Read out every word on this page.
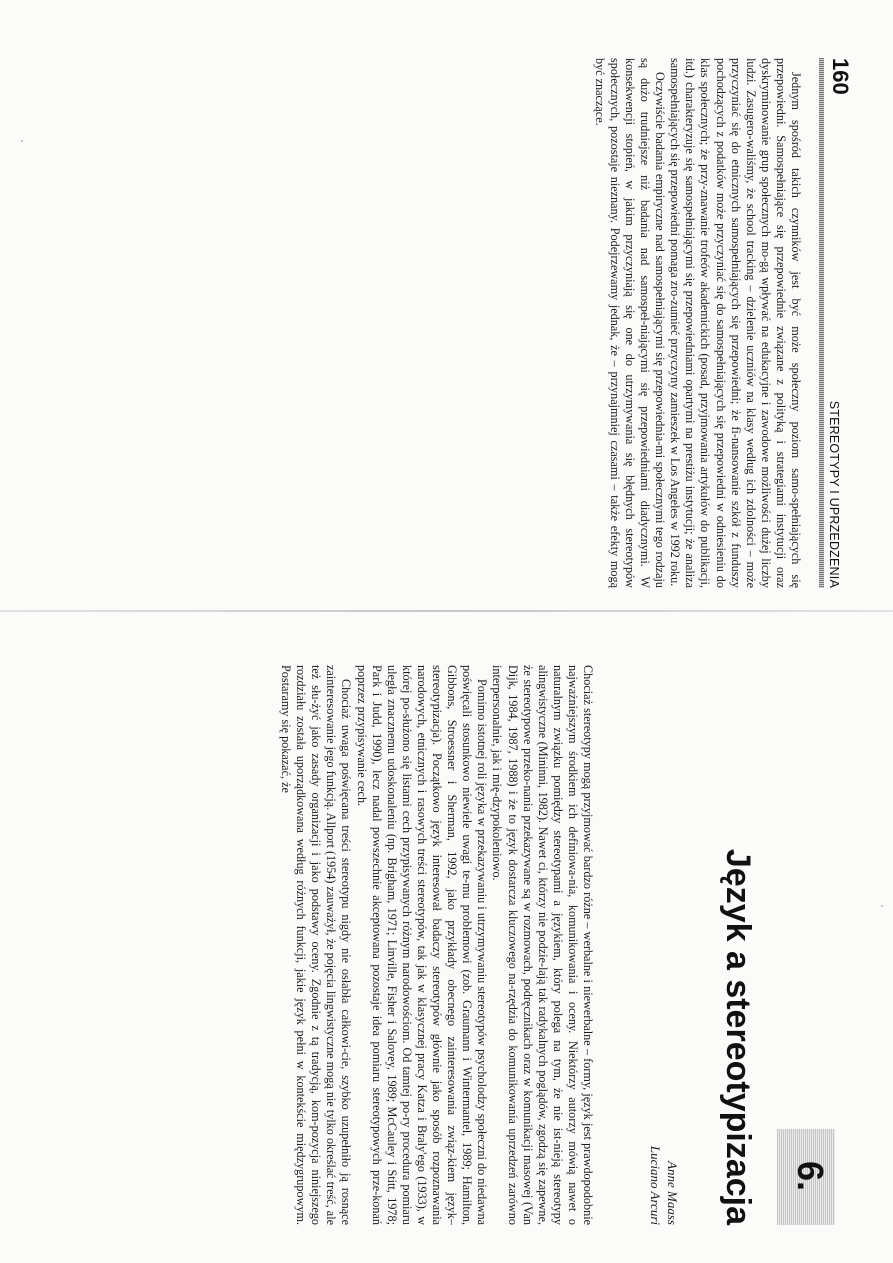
160
STEREOTYPY I UPRZEDZENIA

Jednym spośród takich czynników jest być może społeczny poziom samo-spełniających się przepowiedni. Samospełniające się przepowiednie związane z polityką i strategiami instytucji oraz dyskryminowanie grup społecznych mo-gą wpływać na edukacyjne i zawodowe możliwości dużej liczby ludzi. Zasugero-waliśmy, że school tracking – dzielenie uczniów na klasy według ich zdolności – może przyczyniać się do etnicznych samospełniających się przepowiedni; że fi-nansowanie szkół z funduszy pochodzących z podatków może przyczyniać się do samospełniających się przepowiedni w odniesieniu do klas społecznych; że przy-znawanie trofeów akademickich (posad, przyjmowania artykułów do publikacji, itd.) charakteryzuje się samospełniającymi się przepowiedniami opartymi na prestiżu instytucji; że analiza samospełniających się przepowiedni pomaga zro-zumieć przyczyny zamieszek w Los Angeles w 1992 roku.

Oczywiście badania empiryczne nad samospełniającymi się przepowiednia-mi społecznymi tego rodzaju są dużo trudniejsze niż badania nad samospeł-niającymi się przepowiedniami diadycznymi. W konsekwencji stopień, w jakim przyczyniają się one do utrzymywania się błędnych stereotypów społecznych, pozostaje nieznany. Podejrzewamy jednak, że – przynajmniej czasami – także efekty mogą być znaczące.

6.
Język a stereotypizacja
Anne Maass
Luciano Arcuri

Chociaż stereotypy mogą przyjmować bardzo różne – werbalne i niewerbalne – formy, język jest prawdopodobnie najważniejszym środkiem ich definiowa-nia, komunikowania i oceny. Niektórzy autorzy mówią nawet o naturalnym związku pomiędzy stereotypami a językiem, który polega na tym, że nie ist-nieją stereotypy alingwistyczne (Mininni, 1982). Nawet ci, którzy nie podzie-lają tak radykalnych poglądów, zgodzą się zapewne, że stereotypowe przeko-nania przekazywane są w rozmowach, podręcznikach oraz w komunikacji masowej (Van Dijk, 1984, 1987, 1988) i że to język dostarcza kluczowego na-rzędzia do komunikowania uprzedzeń zarówno interpersonalnie, jak i mię-dzypokoleniowo.

Pomimo istotnej roli języka w przekazywaniu i utrzymywaniu stereotypów psycholodzy społeczni do niedawna poświęcali stosunkowo niewiele uwagi te-mu problemowi (zob. Graumann i Wintermantel, 1989; Hamilton, Gibbons, Stroessner i Sherman, 1992, jako przykłady obecnego zainteresowania związ-kiem język–stereotypizacja). Początkowo język interesował badaczy stereotypów głównie jako sposób rozpoznawania narodowych, etnicznych i rasowych treści stereotypów, tak jak w klasycznej pracy Katza i Braly'ego (1933), w której po-służono się listami cech przypisywanych różnym narodowościom. Od tamtej po-ry procedura pomiaru uległa znacznemu udoskonaleniu (np. Brigham, 1971; Linville, Fisher i Salovey, 1989; McCauley i Stitt, 1978; Park i Judd, 1990), lecz nadal powszechnie akceptowana pozostaje idea pomiaru stereotypowych prze-konań poprzez przypisywanie cech.

Chociaż uwaga poświęcana treści stereotypu nigdy nie osłabła całkowi-cie, szybko uzupełniło ją rosnące zainteresowanie jego funkcją. Allport (1954) zauważył, że pojęcia lingwistyczne mogą nie tylko określać treść, ale też słu-żyć jako zasady organizacji i jako podstawy oceny. Zgodnie z tą tradycją, kom-pozycja niniejszego rozdziału została uporządkowana według różnych funkcji, jakie język pełni w kontekście międzygrupowym. Postaramy się pokazać, że
